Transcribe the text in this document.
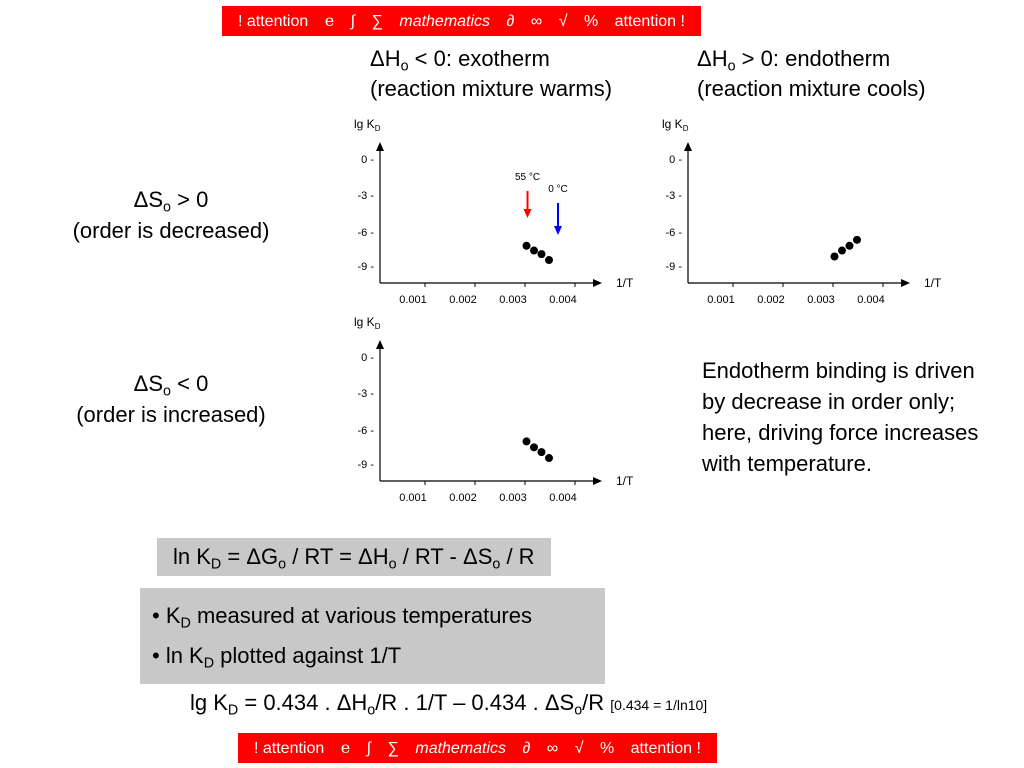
! attention e ∫ ∑ mathematics ∂ ∞ √ % attention !
$\Delta H_o < 0$: exotherm
(reaction mixture warms)
$\Delta H_o > 0$: endotherm
(reaction mixture cools)
$\Delta S_o > 0$
(order is decreased)
$\Delta S_o < 0$
(order is increased)
$\lg K_D$
1/T
0 -
-3 -
-6 -
-9 -
0.001 0.002 0.003 0.004
55 °C
0 °C
$\lg K_D$
1/T
0 -
-3 -
-6 -
-9 -
0.001 0.002 0.003 0.004
$\lg K_D$
1/T
0 -
-3 -
-6 -
-9 -
0.001 0.002 0.003 0.004
Endotherm binding is driven by decrease in order only; here, driving force increases with temperature.
$\ln K_D = \Delta G_o$ / RT = $\Delta H_o$ / RT - $\Delta S_o$ / R
• $K_D$ measured at various temperatures
• $\ln K_D$ plotted against 1/T
$\lg K_D = 0.434$ . $\Delta H_o/R$ . 1/T – 0.434 . $\Delta S_o/R$ [0.434 = 1/ln10]
! attention e ∫ ∑ mathematics ∂ ∞ √ % attention !
